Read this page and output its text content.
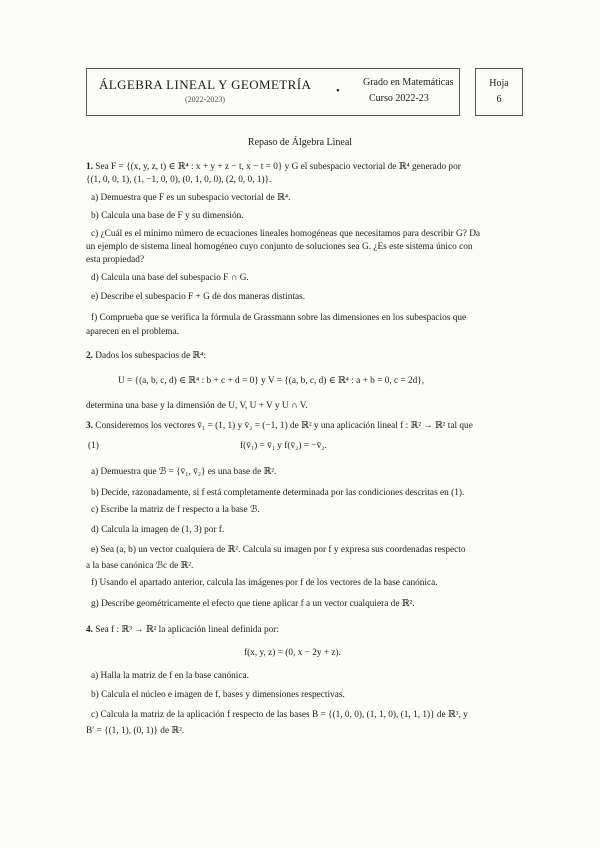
ÁLGEBRA LINEAL Y GEOMETRÍA
(2022-2023)
•
Grado en Matemáticas
Curso 2022-23
Hoja
6
Repaso de Álgebra Lineal
1. Sea F = {(x, y, z, t) ∈ ℝ⁴ : x + y + z − t, x − t = 0} y G el subespacio vectorial de ℝ⁴ generado por
{(1, 0, 0, 1), (1, −1, 0, 0), (0, 1, 0, 0), (2, 0, 0, 1)}.
a) Demuestra que F es un subespacio vectorial de ℝ⁴.
b) Calcula una base de F y su dimensión.
c) ¿Cuál es el mínimo número de ecuaciones lineales homogéneas que necesitamos para describir G? Da
un ejemplo de sistema lineal homogéneo cuyo conjunto de soluciones sea G. ¿Es este sistema único con
esta propiedad?
d) Calcula una base del subespacio F ∩ G.
e) Describe el subespacio F + G de dos maneras distintas.
f) Comprueba que se verifica la fórmula de Grassmann sobre las dimensiones en los subespacios que
aparecen en el problema.
2. Dados los subespacios de ℝ⁴:
U = {(a, b, c, d) ∈ ℝ⁴ : b + c + d = 0} y V = {(a, b, c, d) ∈ ℝ⁴ : a + b = 0, c = 2d},
determina una base y la dimensión de U, V, U + V y U ∩ V.
3. Consideremos los vectores v̄₁ = (1, 1) y v̄₂ = (−1, 1) de ℝ² y una aplicación lineal f : ℝ² → ℝ² tal que
(1)	f(v̄₁) = v̄₁ y f(v̄₂) = −v̄₂.
a) Demuestra que ℬ = {v̄₁, v̄₂} es una base de ℝ².
b) Decide, razonadamente, si f está completamente determinada por las condiciones descritas en (1).
c) Escribe la matriz de f respecto a la base ℬ.
d) Calcula la imagen de (1, 3) por f.
e) Sea (a, b) un vector cualquiera de ℝ². Calcula su imagen por f y expresa sus coordenadas respecto
a la base canónica ℬc de ℝ².
f) Usando el apartado anterior, calcula las imágenes por f de los vectores de la base canónica.
g) Describe geométricamente el efecto que tiene aplicar f a un vector cualquiera de ℝ².
4. Sea f : ℝ³ → ℝ² la aplicación lineal definida por:
f(x, y, z) = (0, x − 2y + z).
a) Halla la matriz de f en la base canónica.
b) Calcula el núcleo e imagen de f, bases y dimensiones respectivas.
c) Calcula la matriz de la aplicación f respecto de las bases B = {(1, 0, 0), (1, 1, 0), (1, 1, 1)} de ℝ³, y
B′ = {(1, 1), (0, 1)} de ℝ².
